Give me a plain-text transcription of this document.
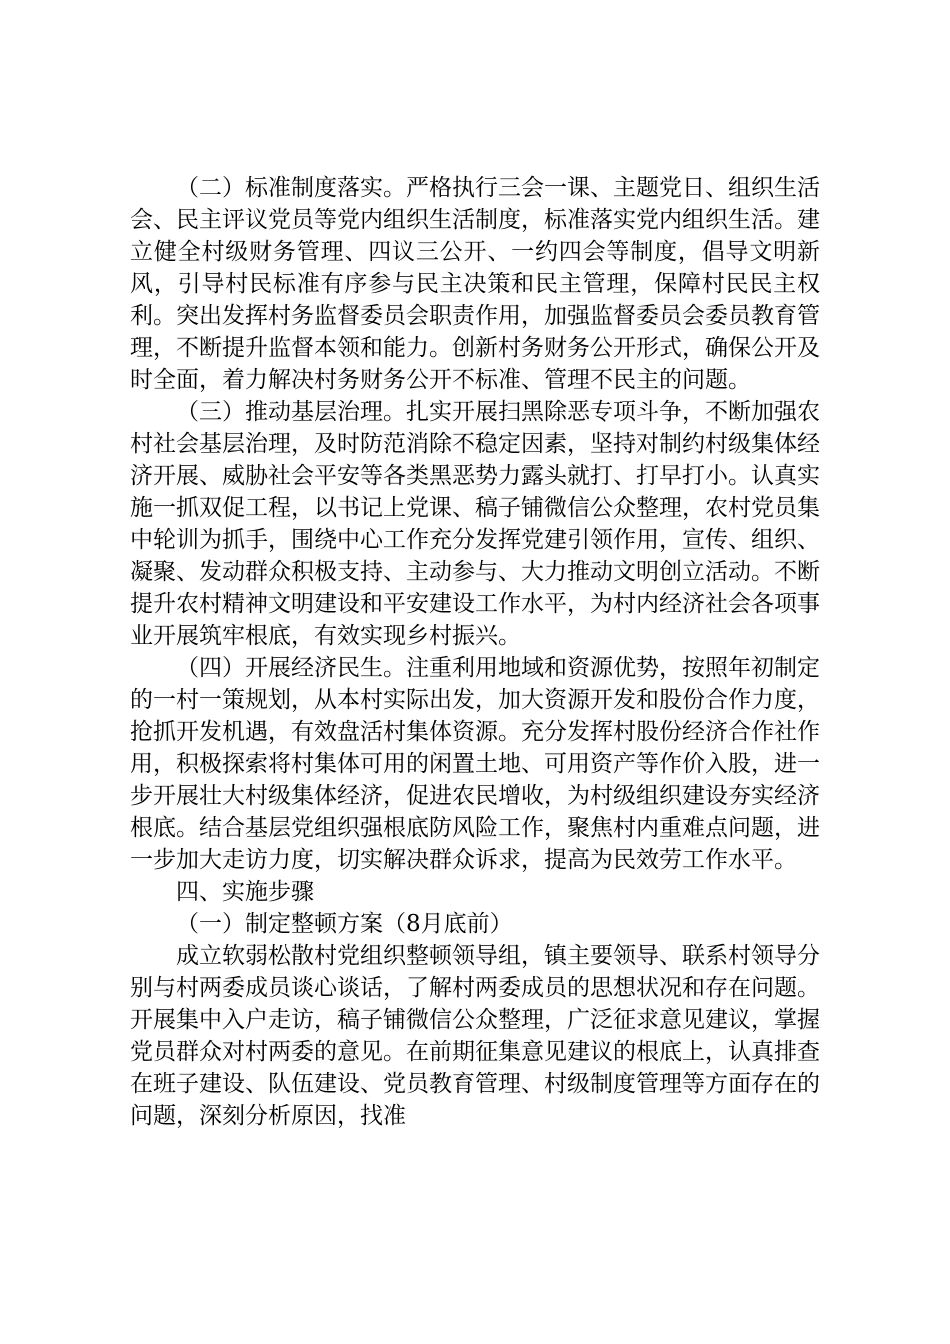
（二）标准制度落实。严格执行三会一课、主题党日、组织生活会、民主评议党员等党内组织生活制度，标准落实党内组织生活。建立健全村级财务管理、四议三公开、一约四会等制度，倡导文明新风，引导村民标准有序参与民主决策和民主管理，保障村民民主权利。突出发挥村务监督委员会职责作用，加强监督委员会委员教育管理，不断提升监督本领和能力。创新村务财务公开形式，确保公开及时全面，着力解决村务财务公开不标准、管理不民主的问题。

（三）推动基层治理。扎实开展扫黑除恶专项斗争，不断加强农村社会基层治理，及时防范消除不稳定因素，坚持对制约村级集体经济开展、威胁社会平安等各类黑恶势力露头就打、打早打小。认真实施一抓双促工程，以书记上党课、稿子铺微信公众整理，农村党员集中轮训为抓手，围绕中心工作充分发挥党建引领作用，宣传、组织、凝聚、发动群众积极支持、主动参与、大力推动文明创立活动。不断提升农村精神文明建设和平安建设工作水平，为村内经济社会各项事业开展筑牢根底，有效实现乡村振兴。

（四）开展经济民生。注重利用地域和资源优势，按照年初制定的一村一策规划，从本村实际出发，加大资源开发和股份合作力度，抢抓开发机遇，有效盘活村集体资源。充分发挥村股份经济合作社作用，积极探索将村集体可用的闲置土地、可用资产等作价入股，进一步开展壮大村级集体经济，促进农民增收，为村级组织建设夯实经济根底。结合基层党组织强根底防风险工作，聚焦村内重难点问题，进一步加大走访力度，切实解决群众诉求，提高为民效劳工作水平。

四、实施步骤

（一）制定整顿方案（8月底前）

成立软弱松散村党组织整顿领导组，镇主要领导、联系村领导分别与村两委成员谈心谈话，了解村两委成员的思想状况和存在问题。开展集中入户走访，稿子铺微信公众整理，广泛征求意见建议，掌握党员群众对村两委的意见。在前期征集意见建议的根底上，认真排查在班子建设、队伍建设、党员教育管理、村级制度管理等方面存在的问题，深刻分析原因，找准
